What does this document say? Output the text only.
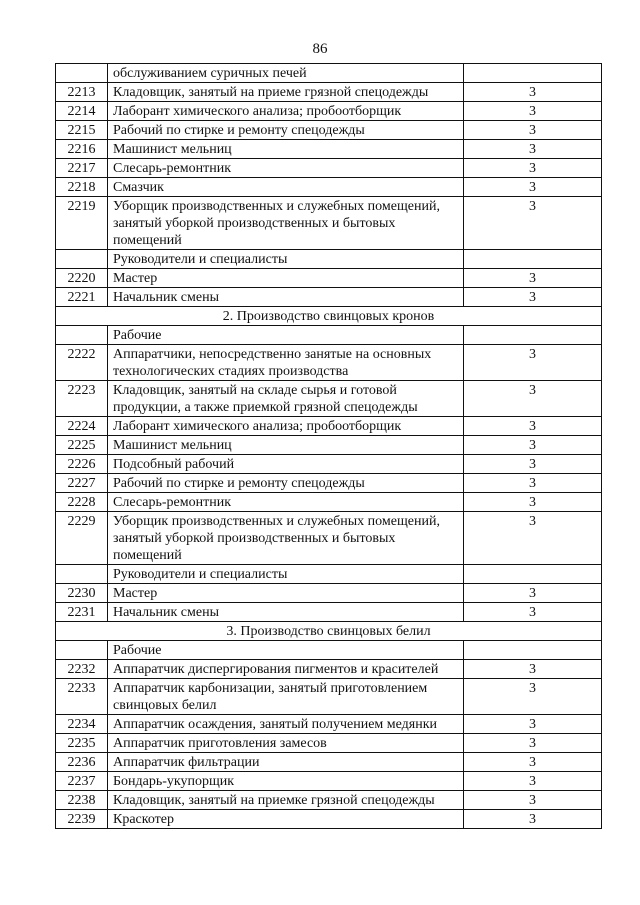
86
	обслуживанием суричных печей	
2213	Кладовщик, занятый на приеме грязной спецодежды	3
2214	Лаборант химического анализа; пробоотборщик	3
2215	Рабочий по стирке и ремонту спецодежды	3
2216	Машинист мельниц	3
2217	Слесарь-ремонтник	3
2218	Смазчик	3
2219	Уборщик производственных и служебных помещений, занятый уборкой производственных и бытовых помещений	3
	Руководители и специалисты	
2220	Мастер	3
2221	Начальник смены	3
2. Производство свинцовых кронов		
	Рабочие	
2222	Аппаратчики, непосредственно занятые на основных технологических стадиях производства	3
2223	Кладовщик, занятый на складе сырья и готовой продукции, а также приемкой грязной спецодежды	3
2224	Лаборант химического анализа; пробоотборщик	3
2225	Машинист мельниц	3
2226	Подсобный рабочий	3
2227	Рабочий по стирке и ремонту спецодежды	3
2228	Слесарь-ремонтник	3
2229	Уборщик производственных и служебных помещений, занятый уборкой производственных и бытовых помещений	3
	Руководители и специалисты	
2230	Мастер	3
2231	Начальник смены	3
3. Производство свинцовых белил		
	Рабочие	
2232	Аппаратчик диспергирования пигментов и красителей	3
2233	Аппаратчик карбонизации, занятый приготовлением свинцовых белил	3
2234	Аппаратчик осаждения, занятый получением медянки	3
2235	Аппаратчик приготовления замесов	3
2236	Аппаратчик фильтрации	3
2237	Бондарь-укупорщик	3
2238	Кладовщик, занятый на приемке грязной спецодежды	3
2239	Краскотер	3
